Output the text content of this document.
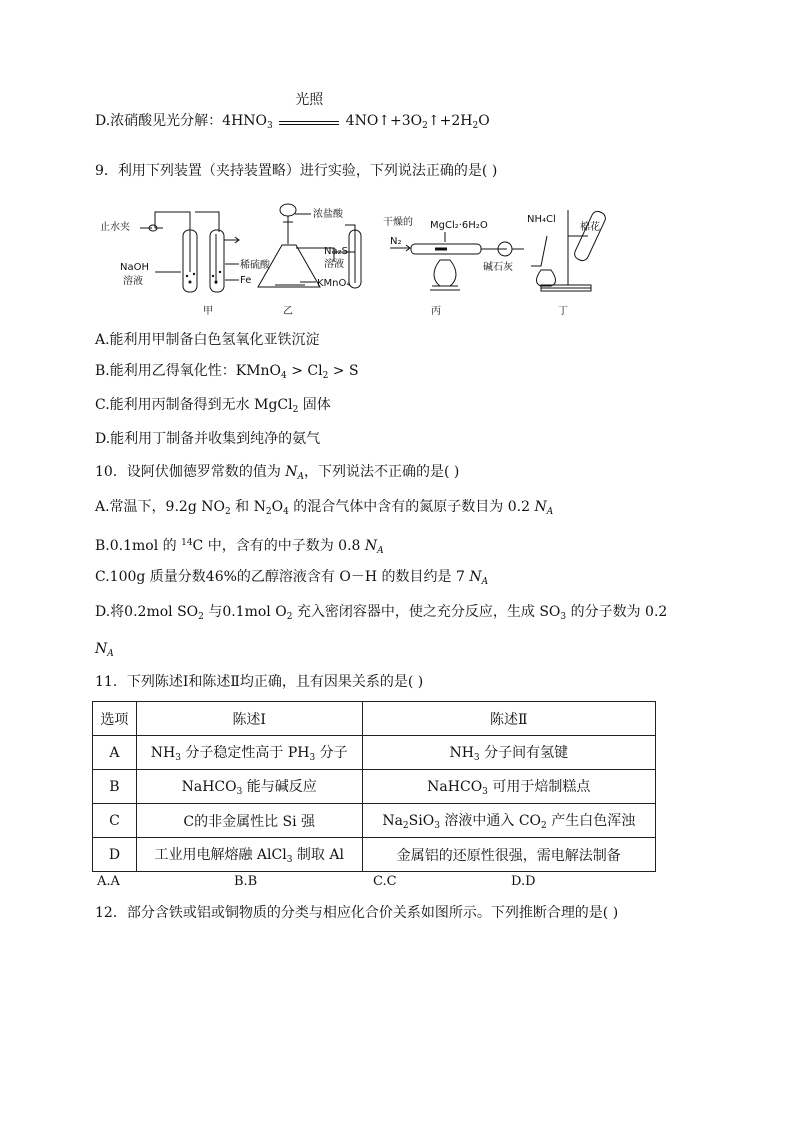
D.浓硝酸见光分解：$4HNO_3$
光照
$4NO↑+3O_2↑+2H_2O$
9．利用下列装置（夹持装置略）进行实验，下列说法正确的是( )
止水夹
NaOH
溶液
稀硫酸
Fe
甲
浓盐酸
Na₂S
溶液
KMnO₄
乙
干燥的
N₂
MgCl₂·6H₂O
碱石灰
丙
NH₄Cl
棉花
丁
A.能利用甲制备白色氢氧化亚铁沉淀
B.能利用乙得氧化性：KMnO$_4$ > $Cl_2 > S$
C.能利用丙制备得到无水 MgCl$_2$ 固体
D.能利用丁制备并收集到纯净的氨气
10．设阿伏伽德罗常数的值为 $N_A$，下列说法不正确的是( )
A.常温下，9.2g $NO_2$ 和 $N_2O_4$ 的混合气体中含有的氮原子数目为 0.2 $N_A$
B.0.1mol 的 $^{14}$C 中，含有的中子数为 0.8 $N_A$
C.100g 质量分数46%的乙醇溶液含有 O－H 的数目约是 7 $N_A$
D.将0.2mol $SO_2$ 与0.1mol $O_2$ 充入密闭容器中，使之充分反应，生成 $SO_3$ 的分子数为 0.2
$N_A$
11．下列陈述Ⅰ和陈述Ⅱ均正确，且有因果关系的是( )
选项	陈述Ⅰ	陈述Ⅱ
A	$NH_3$ 分子稳定性高于 $PH_3$ 分子	$NH_3$ 分子间有氢键
B	NaHCO$_3$ 能与碱反应	NaHCO$_3$ 可用于焙制糕点
C	C的非金属性比 Si 强	$Na_2SiO_3$ 溶液中通入 $CO_2$ 产生白色浑浊
D	工业用电解熔融 AlCl$_3$ 制取 Al	金属铝的还原性很强，需电解法制备
A.A	B.B	C.C	D.D
12．部分含铁或铝或铜物质的分类与相应化合价关系如图所示。下列推断合理的是( )
